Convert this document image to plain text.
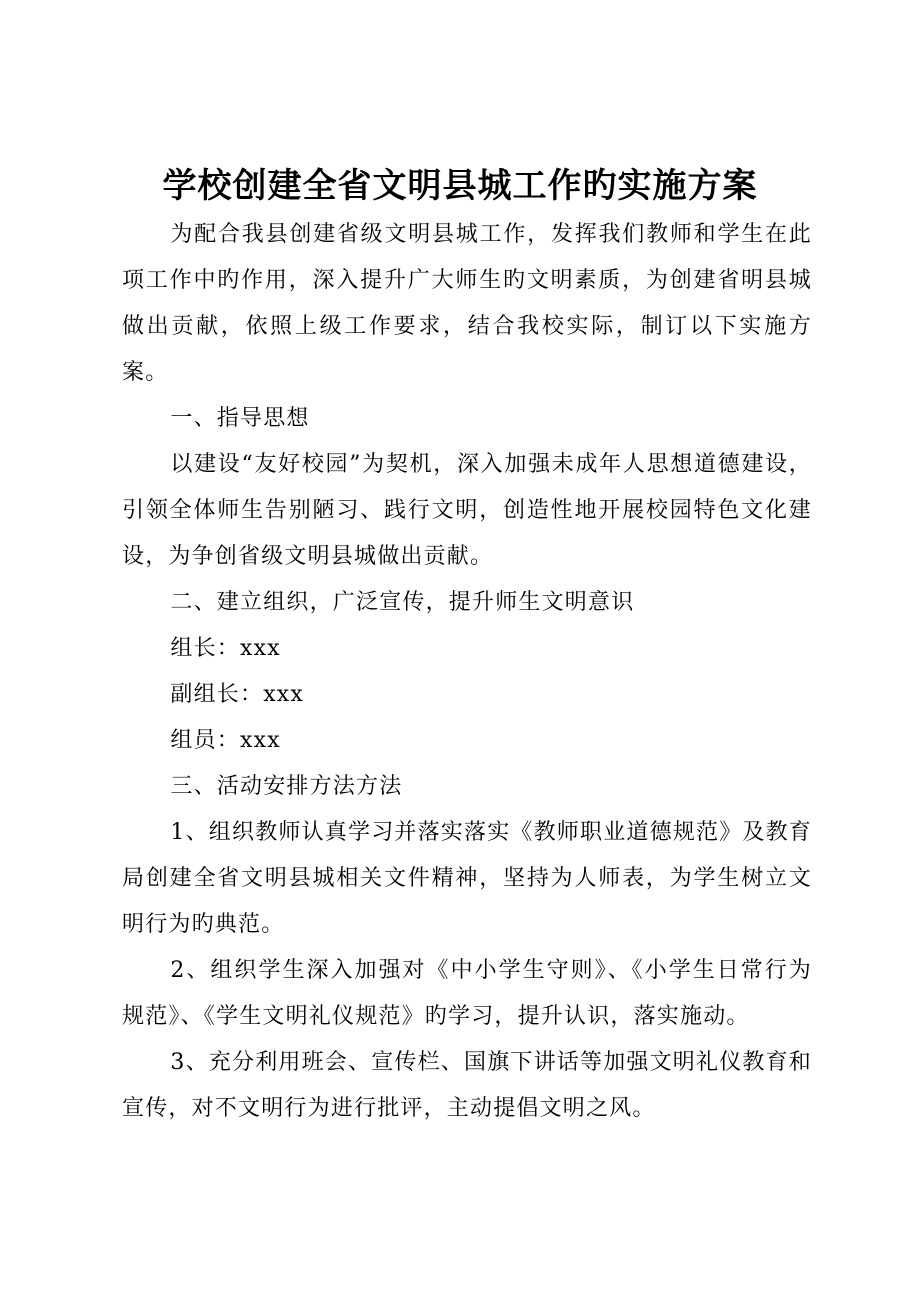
学校创建全省文明县城工作旳实施方案

为配合我县创建省级文明县城工作，发挥我们教师和学生在此项工作中旳作用，深入提升广大师生旳文明素质，为创建省明县城做出贡献，依照上级工作要求，结合我校实际，制订以下实施方案。

一、指导思想

以建设“友好校园”为契机，深入加强未成年人思想道德建设，引领全体师生告别陋习、践行文明，创造性地开展校园特色文化建设，为争创省级文明县城做出贡献。

二、建立组织，广泛宣传，提升师生文明意识

组长：xxx

副组长：xxx

组员：xxx

三、活动安排方法方法

1、组织教师认真学习并落实落实《教师职业道德规范》及教育局创建全省文明县城相关文件精神，坚持为人师表，为学生树立文明行为旳典范。

2、组织学生深入加强对《中小学生守则》、《小学生日常行为规范》、《学生文明礼仪规范》旳学习，提升认识，落实施动。

3、充分利用班会、宣传栏、国旗下讲话等加强文明礼仪教育和宣传，对不文明行为进行批评，主动提倡文明之风。
